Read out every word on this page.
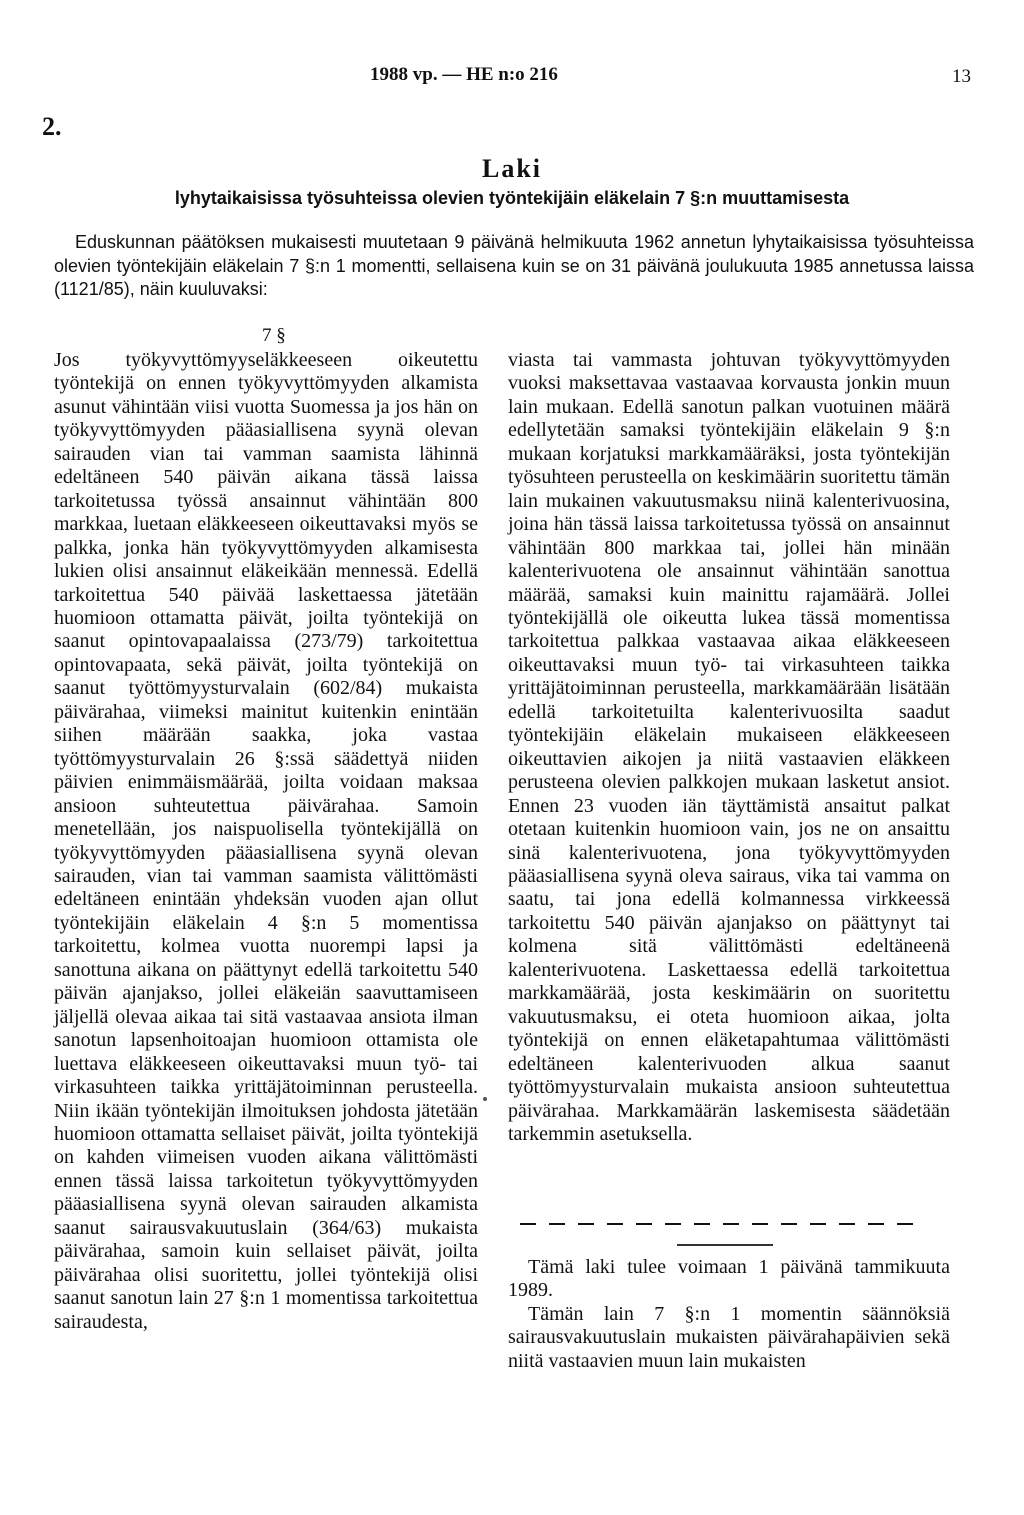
1988 vp. — HE n:o 216	13
2.
Laki
lyhytaikaisissa työsuhteissa olevien työntekijäin eläkelain 7 §:n muuttamisesta

Eduskunnan päätöksen mukaisesti muutetaan 9 päivänä helmikuuta 1962 annetun lyhytaikaisissa työsuhteissa olevien työntekijäin eläkelain 7 §:n 1 momentti, sellaisena kuin se on 31 päivänä joulukuuta 1985 annetussa laissa (1121/85), näin kuuluvaksi:

7 §

Jos työkyvyttömyyseläkkeeseen oikeutettu työntekijä on ennen työkyvyttömyyden alkamista asunut vähintään viisi vuotta Suomessa ja jos hän on työkyvyttömyyden pääasiallisena syynä olevan sairauden vian tai vamman saamista lähinnä edeltäneen 540 päivän aikana tässä laissa tarkoitetussa työssä ansainnut vähintään 800 markkaa, luetaan eläkkeeseen oikeuttavaksi myös se palkka, jonka hän työkyvyttömyyden alkamisesta lukien olisi ansainnut eläkeikään mennessä. Edellä tarkoitettua 540 päivää laskettaessa jätetään huomioon ottamatta päivät, joilta työntekijä on saanut opintovapaalaissa (273/79) tarkoitettua opintovapaata, sekä päivät, joilta työntekijä on saanut työttömyysturvalain (602/84) mukaista päivärahaa, viimeksi mainitut kuitenkin enintään siihen määrään saakka, joka vastaa työttömyysturvalain 26 §:ssä säädettyä niiden päivien enimmäismäärää, joilta voidaan maksaa ansioon suhteutettua päivärahaa. Samoin menetellään, jos naispuolisella työntekijällä on työkyvyttömyyden pääasiallisena syynä olevan sairauden, vian tai vamman saamista välittömästi edeltäneen enintään yhdeksän vuoden ajan ollut työntekijäin eläkelain 4 §:n 5 momentissa tarkoitettu, kolmea vuotta nuorempi lapsi ja sanottuna aikana on päättynyt edellä tarkoitettu 540 päivän ajanjakso, jollei eläkeiän saavuttamiseen jäljellä olevaa aikaa tai sitä vastaavaa ansiota ilman sanotun lapsenhoitoajan huomioon ottamista ole luettava eläkkeeseen oikeuttavaksi muun työ- tai virkasuhteen taikka yrittäjätoiminnan perusteella. Niin ikään työntekijän ilmoituksen johdosta jätetään huomioon ottamatta sellaiset päivät, joilta työntekijä on kahden viimeisen vuoden aikana välittömästi ennen tässä laissa tarkoitetun työkyvyttömyyden pääasiallisena syynä olevan sairauden alkamista saanut sairausvakuutuslain (364/63) mukaista päivärahaa, samoin kuin sellaiset päivät, joilta päivärahaa olisi suoritettu, jollei työntekijä olisi saanut sanotun lain 27 §:n 1 momentissa tarkoitettua sairaudesta,

viasta tai vammasta johtuvan työkyvyttömyyden vuoksi maksettavaa vastaavaa korvausta jonkin muun lain mukaan. Edellä sanotun palkan vuotuinen määrä edellytetään samaksi työntekijäin eläkelain 9 §:n mukaan korjatuksi markkamääräksi, josta työntekijän työsuhteen perusteella on keskimäärin suoritettu tämän lain mukainen vakuutusmaksu niinä kalenterivuosina, joina hän tässä laissa tarkoitetussa työssä on ansainnut vähintään 800 markkaa tai, jollei hän minään kalenterivuotena ole ansainnut vähintään sanottua määrää, samaksi kuin mainittu rajamäärä. Jollei työntekijällä ole oikeutta lukea tässä momentissa tarkoitettua palkkaa vastaavaa aikaa eläkkeeseen oikeuttavaksi muun työ- tai virkasuhteen taikka yrittäjätoiminnan perusteella, markkamäärään lisätään edellä tarkoitetuilta kalenterivuosilta saadut työntekijäin eläkelain mukaiseen eläkkeeseen oikeuttavien aikojen ja niitä vastaavien eläkkeen perusteena olevien palkkojen mukaan lasketut ansiot. Ennen 23 vuoden iän täyttämistä ansaitut palkat otetaan kuitenkin huomioon vain, jos ne on ansaittu sinä kalenterivuotena, jona työkyvyttömyyden pääasiallisena syynä oleva sairaus, vika tai vamma on saatu, tai jona edellä kolmannessa virkkeessä tarkoitettu 540 päivän ajanjakso on päättynyt tai kolmena sitä välittömästi edeltäneenä kalenterivuotena. Laskettaessa edellä tarkoitettua markkamäärää, josta keskimäärin on suoritettu vakuutusmaksu, ei oteta huomioon aikaa, jolta työntekijä on ennen eläketapahtumaa välittömästi edeltäneen kalenterivuoden alkua saanut työttömyysturvalain mukaista ansioon suhteutettua päivärahaa. Markkamäärän laskemisesta säädetään tarkemmin asetuksella.

Tämä laki tulee voimaan 1 päivänä tammikuuta 1989.

Tämän lain 7 §:n 1 momentin säännöksiä sairausvakuutuslain mukaisten päivärahapäivien sekä niitä vastaavien muun lain mukaisten
